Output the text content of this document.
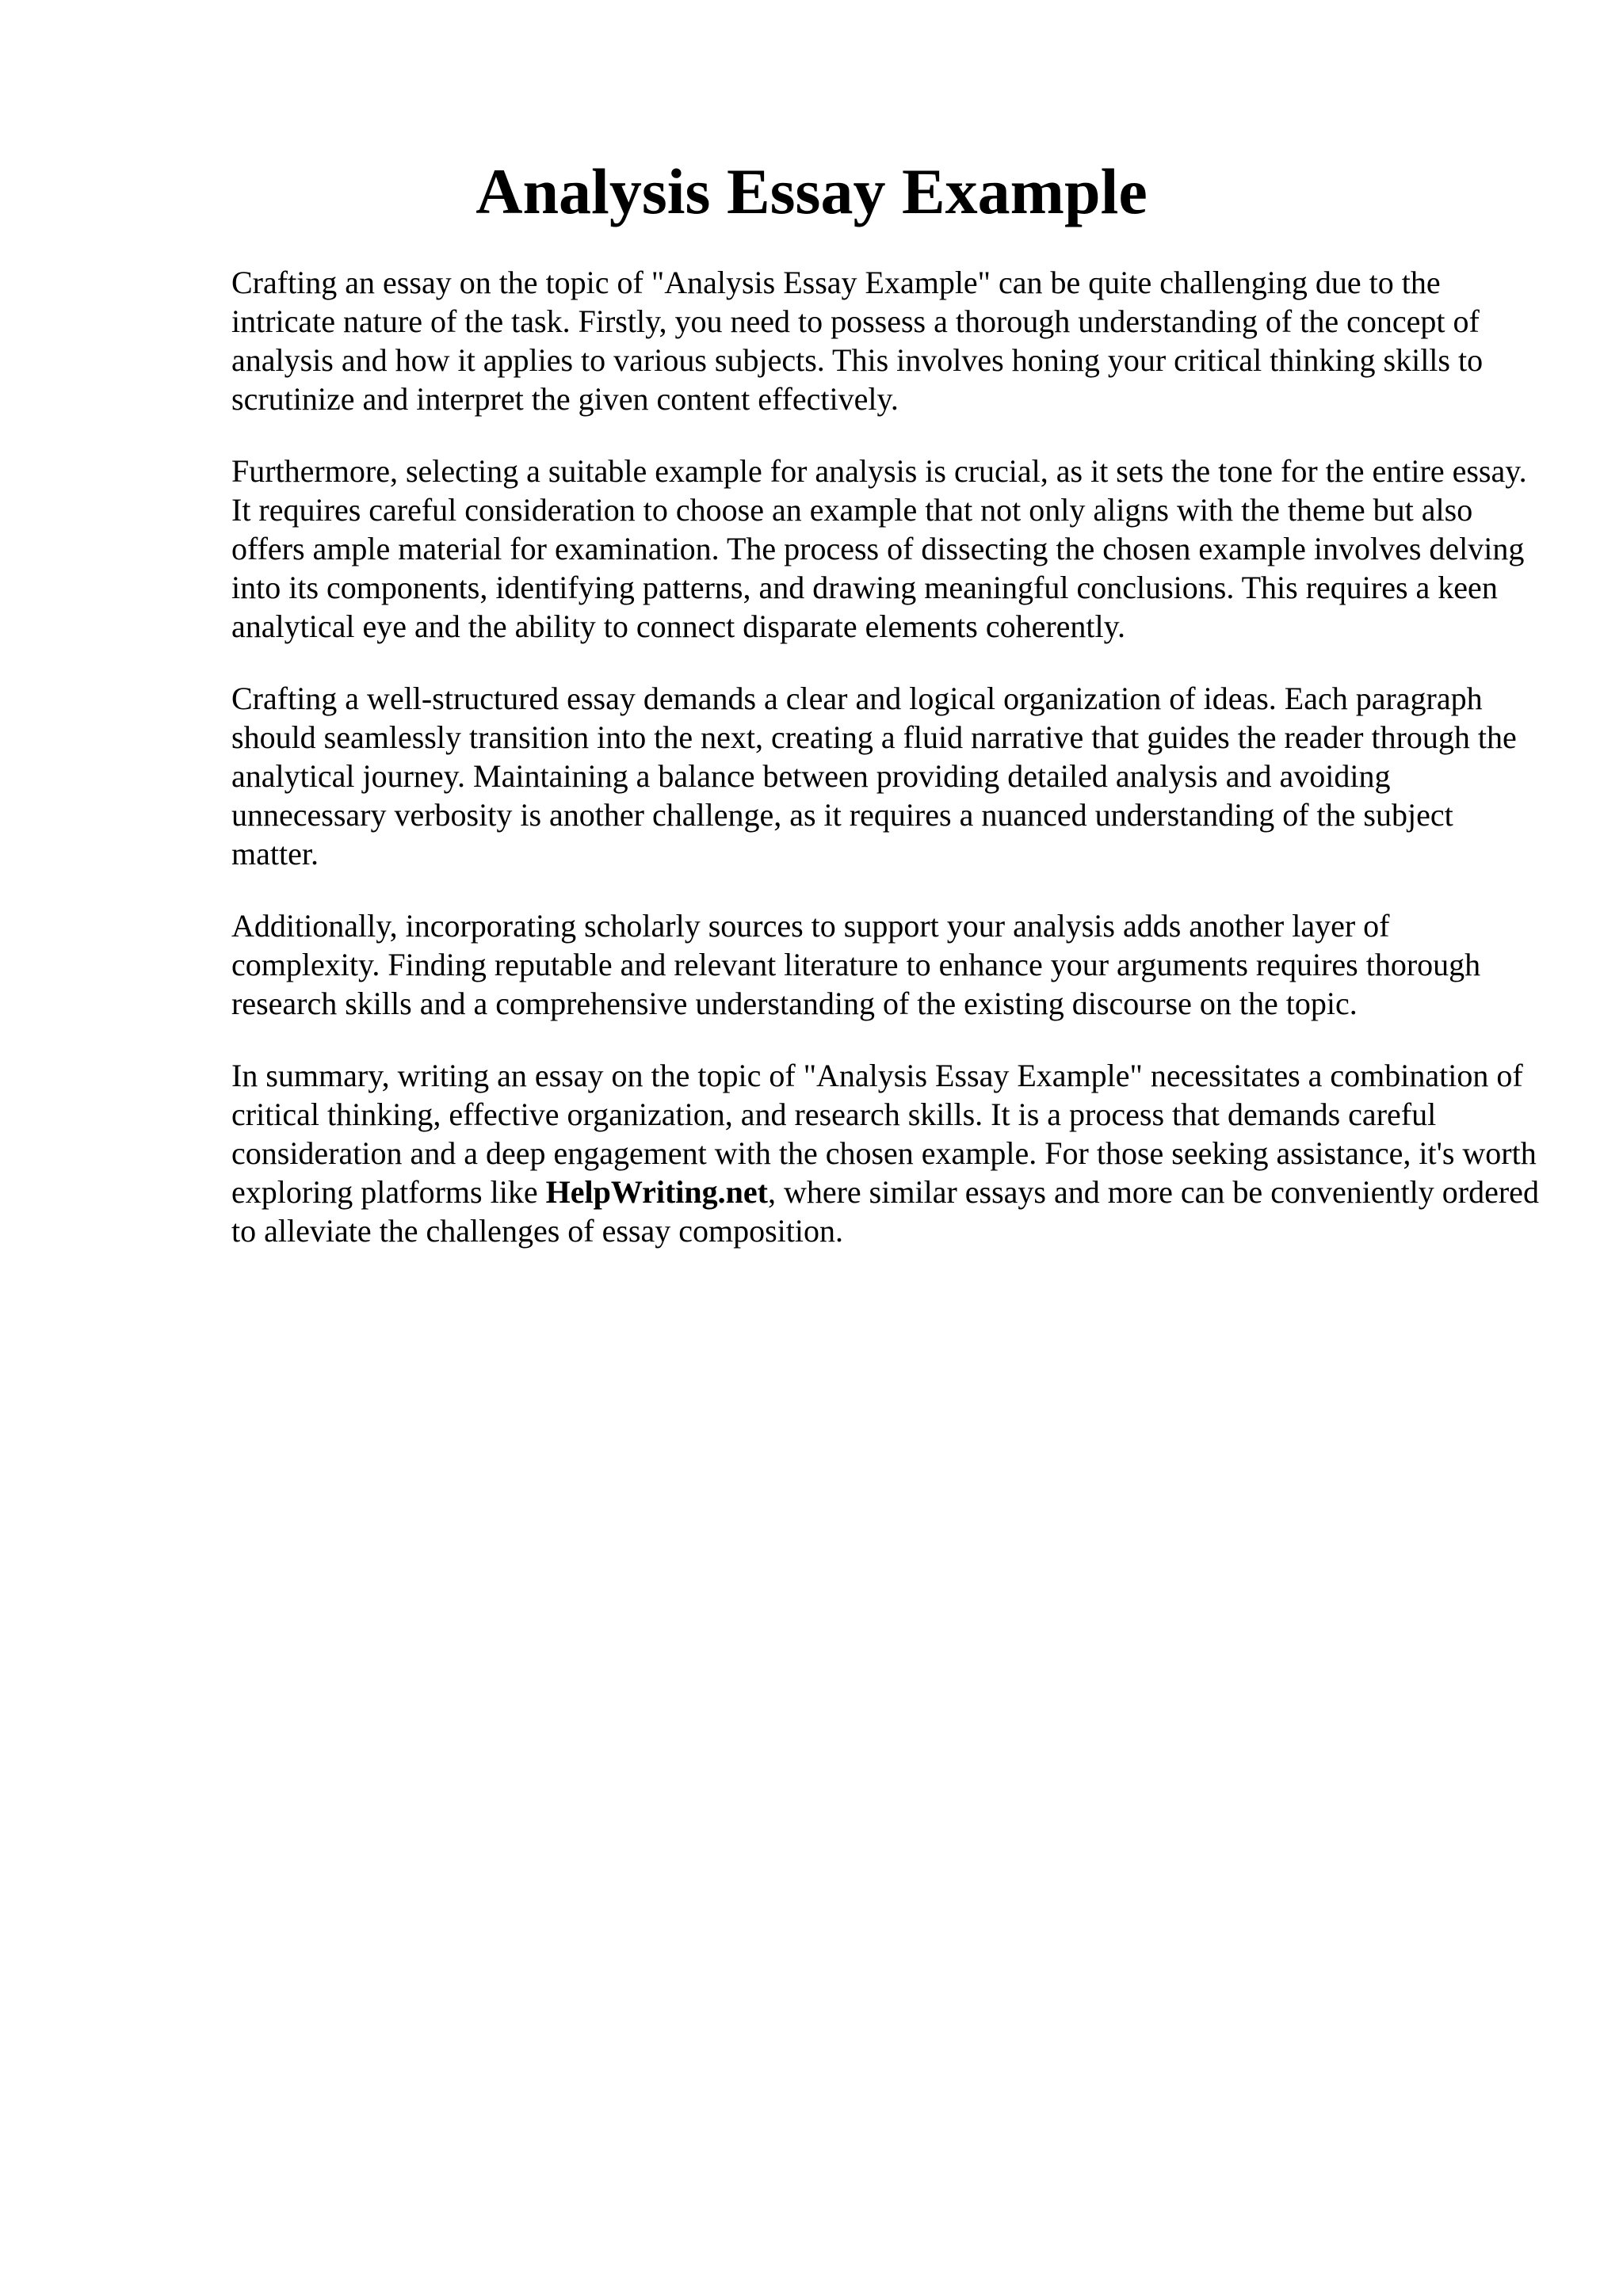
Analysis Essay Example

Crafting an essay on the topic of "Analysis Essay Example" can be quite challenging due to the intricate nature of the task. Firstly, you need to possess a thorough understanding of the concept of analysis and how it applies to various subjects. This involves honing your critical thinking skills to scrutinize and interpret the given content effectively.

Furthermore, selecting a suitable example for analysis is crucial, as it sets the tone for the entire essay. It requires careful consideration to choose an example that not only aligns with the theme but also offers ample material for examination. The process of dissecting the chosen example involves delving into its components, identifying patterns, and drawing meaningful conclusions. This requires a keen analytical eye and the ability to connect disparate elements coherently.

Crafting a well-structured essay demands a clear and logical organization of ideas. Each paragraph should seamlessly transition into the next, creating a fluid narrative that guides the reader through the analytical journey. Maintaining a balance between providing detailed analysis and avoiding unnecessary verbosity is another challenge, as it requires a nuanced understanding of the subject matter.

Additionally, incorporating scholarly sources to support your analysis adds another layer of complexity. Finding reputable and relevant literature to enhance your arguments requires thorough research skills and a comprehensive understanding of the existing discourse on the topic.

In summary, writing an essay on the topic of "Analysis Essay Example" necessitates a combination of critical thinking, effective organization, and research skills. It is a process that demands careful consideration and a deep engagement with the chosen example. For those seeking assistance, it's worth exploring platforms like HelpWriting.net, where similar essays and more can be conveniently ordered to alleviate the challenges of essay composition.
